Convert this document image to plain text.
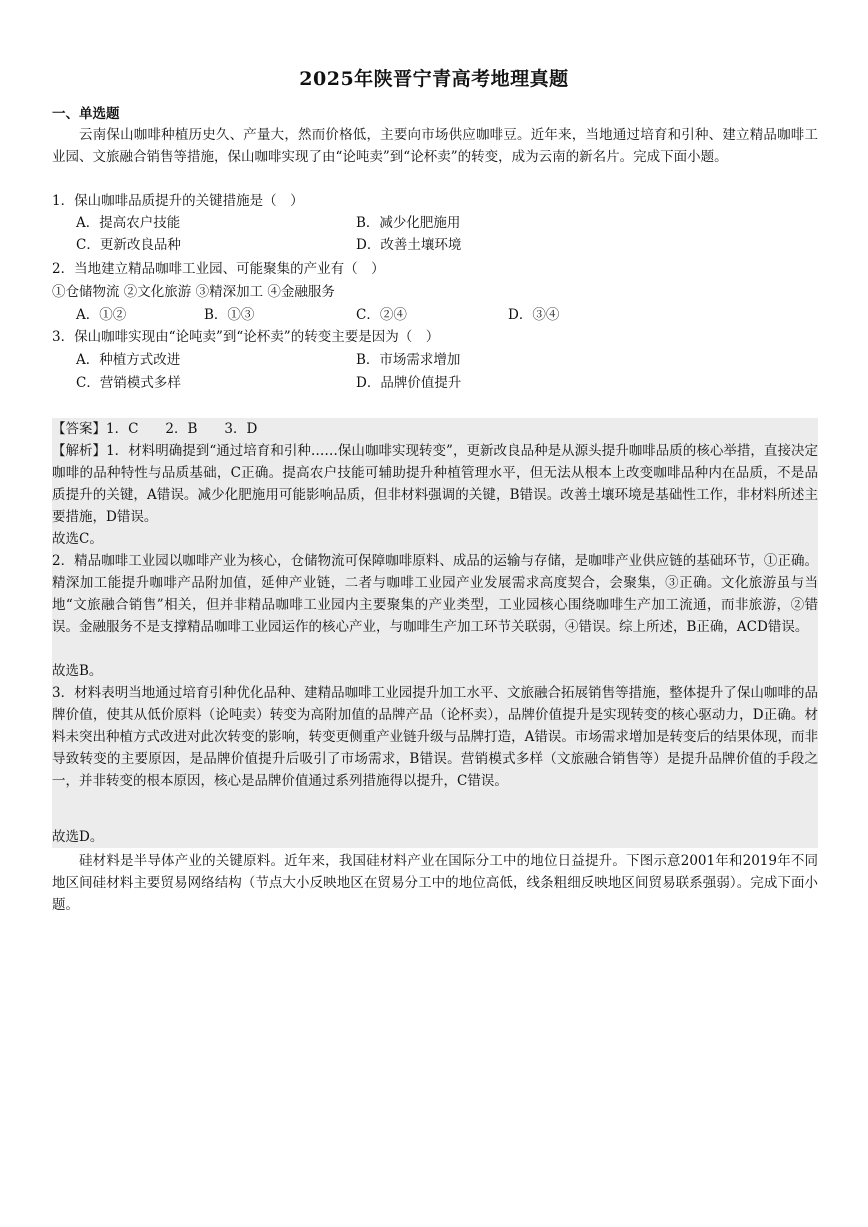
2025年陕晋宁青高考地理真题
一、单选题
云南保山咖啡种植历史久、产量大，然而价格低，主要向市场供应咖啡豆。近年来，当地通过培育和引种、建立精品咖啡工业园、文旅融合销售等措施，保山咖啡实现了由“论吨卖”到“论杯卖”的转变，成为云南的新名片。完成下面小题。
1．保山咖啡品质提升的关键措施是（　）
A．提高农户技能	B．减少化肥施用
C．更新改良品种	D．改善土壤环境
2．当地建立精品咖啡工业园、可能聚集的产业有（　）
①仓储物流 ②文化旅游 ③精深加工 ④金融服务
A．①②	B．①③	C．②④	D．③④
3．保山咖啡实现由“论吨卖”到“论杯卖”的转变主要是因为（　）
A．种植方式改进	B．市场需求增加
C．营销模式多样	D．品牌价值提升
【答案】1．C　　2．B　　3．D
【解析】1．材料明确提到“通过培育和引种……保山咖啡实现转变”，更新改良品种是从源头提升咖啡品质的核心举措，直接决定咖啡的品种特性与品质基础，C正确。提高农户技能可辅助提升种植管理水平，但无法从根本上改变咖啡品种内在品质，不是品质提升的关键，A错误。减少化肥施用可能影响品质，但非材料强调的关键，B错误。改善土壤环境是基础性工作，非材料所述主要措施，D错误。
故选C。
2．精品咖啡工业园以咖啡产业为核心，仓储物流可保障咖啡原料、成品的运输与存储，是咖啡产业供应链的基础环节，①正确。精深加工能提升咖啡产品附加值，延伸产业链，二者与咖啡工业园产业发展需求高度契合，会聚集，③正确。文化旅游虽与当地“文旅融合销售”相关，但并非精品咖啡工业园内主要聚集的产业类型，工业园核心围绕咖啡生产加工流通，而非旅游，②错误。金融服务不是支撑精品咖啡工业园运作的核心产业，与咖啡生产加工环节关联弱，④错误。综上所述，B正确，ACD错误。
故选B。
3．材料表明当地通过培育引种优化品种、建精品咖啡工业园提升加工水平、文旅融合拓展销售等措施，整体提升了保山咖啡的品牌价值，使其从低价原料（论吨卖）转变为高附加值的品牌产品（论杯卖），品牌价值提升是实现转变的核心驱动力，D正确。材料未突出种植方式改进对此次转变的影响，转变更侧重产业链升级与品牌打造，A错误。市场需求增加是转变后的结果体现，而非导致转变的主要原因，是品牌价值提升后吸引了市场需求，B错误。营销模式多样（文旅融合销售等）是提升品牌价值的手段之一，并非转变的根本原因，核心是品牌价值通过系列措施得以提升，C错误。
故选D。
硅材料是半导体产业的关键原料。近年来，我国硅材料产业在国际分工中的地位日益提升。下图示意2001年和2019年不同地区间硅材料主要贸易网络结构（节点大小反映地区在贸易分工中的地位高低，线条粗细反映地区间贸易联系强弱）。完成下面小题。
